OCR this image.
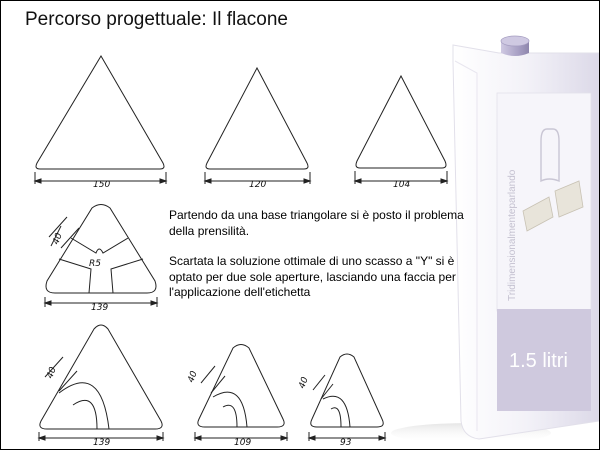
Percorso progettuale: Il flacone
150	120	104
40
R5
139
40
139
40
109
40
93
Tridimensionalmenteparlando
1.5 litri

Partendo da una base triangolare si è posto il problema della prensilità.

Scartata la soluzione ottimale di uno scasso a "Y" si è optato per due sole aperture, lasciando una faccia per l'applicazione dell'etichetta
